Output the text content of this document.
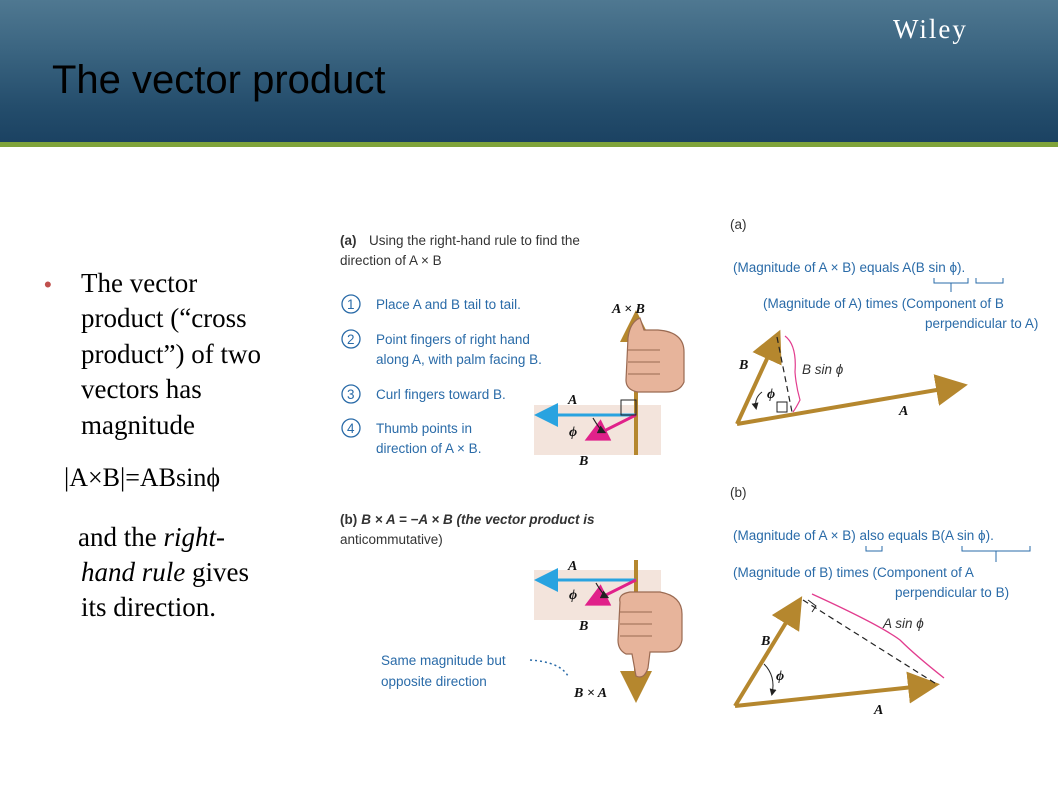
The vector product
Wiley
• The vector
product (“cross
product”) of two
vectors has
magnitude
|A×B|=ABsinϕ
and the right-
hand rule gives
its direction.
(a) Using the right-hand rule to find the
direction of A × B
1 Place A and B tail to tail.
2 Point fingers of right hand
along A, with palm facing B.
3 Curl fingers toward B.
4 Thumb points in
direction of A × B.
A × B
A
ϕ
B
(b) B × A = −A × B (the vector product is
anticommutative)
A
ϕ
B
Same magnitude but
opposite direction
B × A
(a)
(Magnitude of A × B) equals A(B sin ϕ).
(Magnitude of A) times (Component of B
perpendicular to A)
B
ϕ
B sin ϕ
A
(b)
(Magnitude of A × B) also equals B(A sin ϕ).
(Magnitude of B) times (Component of A
perpendicular to B)
B
ϕ
A sin ϕ
A
